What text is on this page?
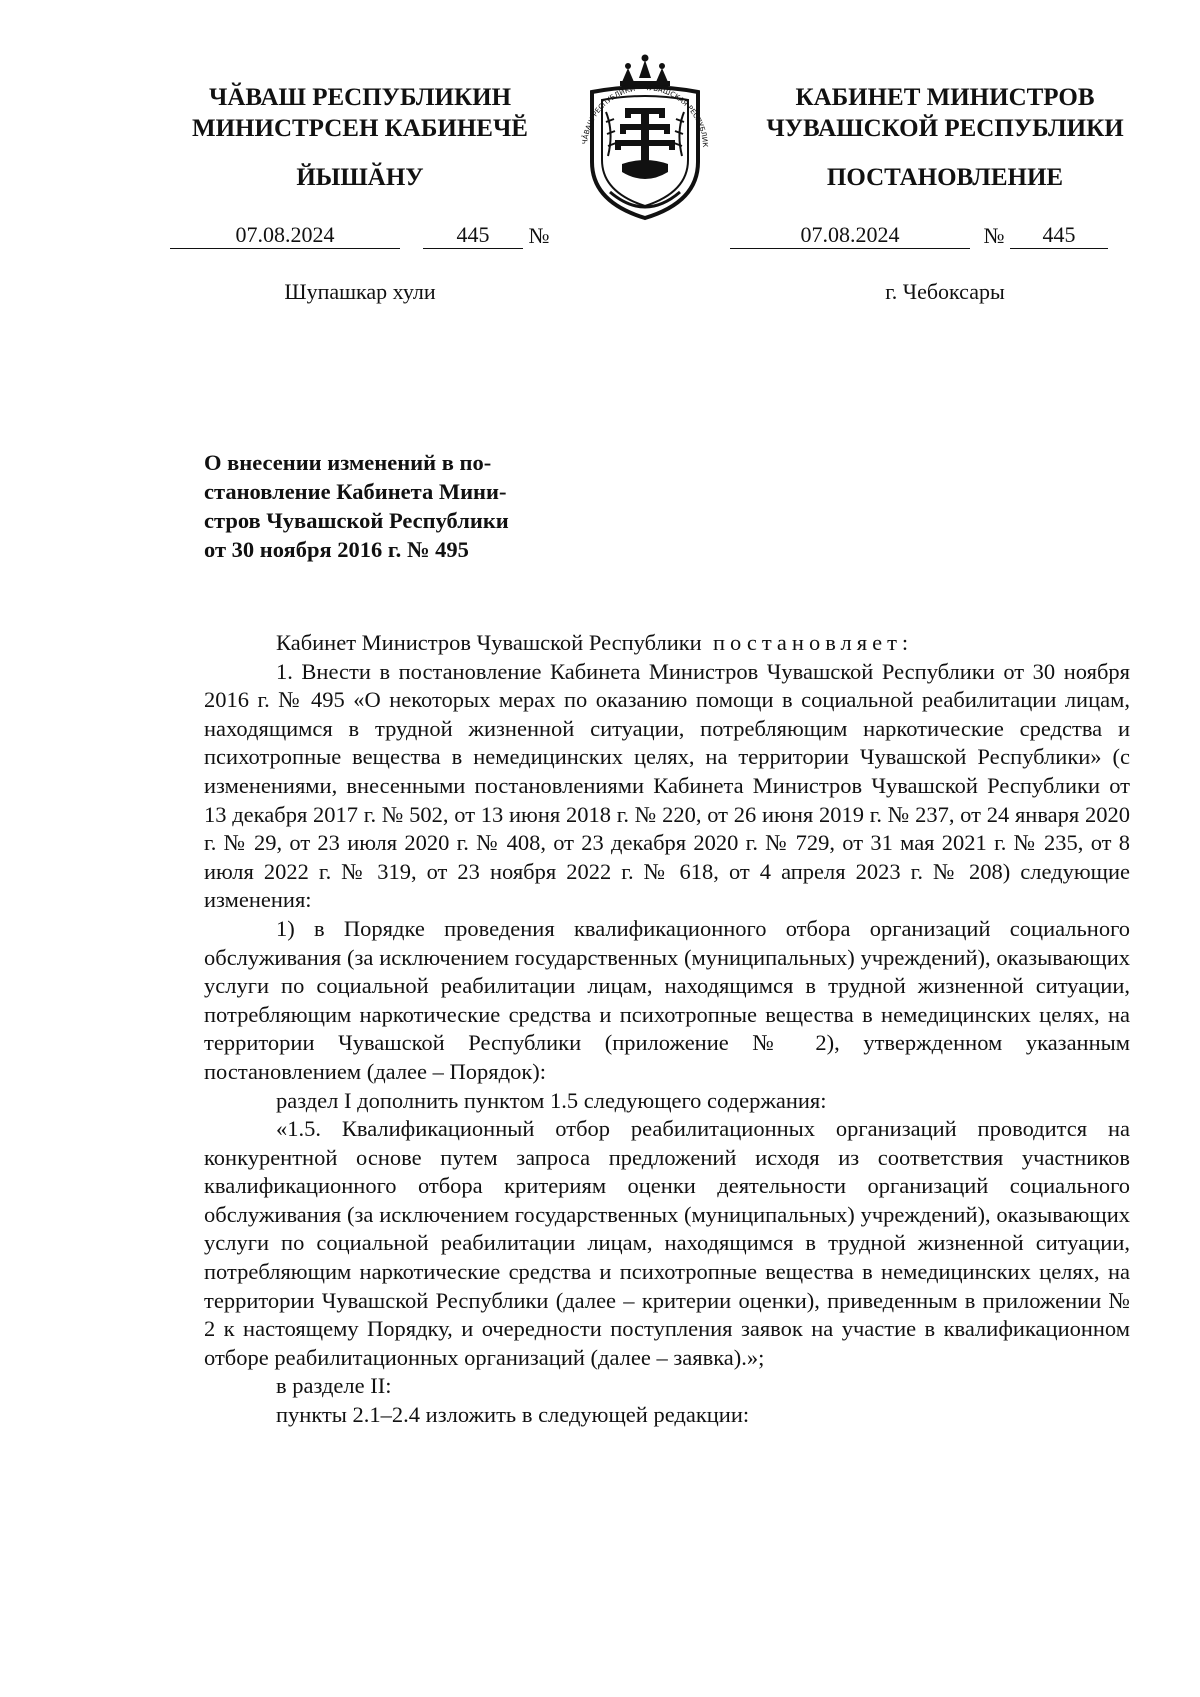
ЧӐВАШ РЕСПУБЛИКИН
МИНИСТРСЕН КАБИНЕЧӖ
ЙЫШӐНУ
КАБИНЕТ МИНИСТРОВ
ЧУВАШСКОЙ РЕСПУБЛИКИ
ПОСТАНОВЛЕНИЕ
ЧӐВАШ РЕСПУБЛИКИ • ЧУВАШСКАЯ РЕСПУБЛИК
07.08.2024	445 №	07.08.2024	№ 445
Шупашкар хули	г. Чебоксары
О внесении изменений в по-
становление Кабинета Мини-
стров Чувашской Республики
от 30 ноября 2016 г. № 495

Кабинет Министров Чувашской Республики постановляет:

1. Внести в постановление Кабинета Министров Чувашской Республики от 30 ноября 2016 г. № 495 «О некоторых мерах по оказанию помощи в социальной реабилитации лицам, находящимся в трудной жизненной ситуации, потребляющим наркотические средства и психотропные вещества в немедицинских целях, на территории Чувашской Республики» (с изменениями, внесенными постановлениями Кабинета Министров Чувашской Республики от 13 декабря 2017 г. № 502, от 13 июня 2018 г. № 220, от 26 июня 2019 г. № 237, от 24 января 2020 г. № 29, от 23 июля 2020 г. № 408, от 23 декабря 2020 г. № 729, от 31 мая 2021 г. № 235, от 8 июля 2022 г. № 319, от 23 ноября 2022 г. № 618, от 4 апреля 2023 г. № 208) следующие изменения:

1) в Порядке проведения квалификационного отбора организаций социального обслуживания (за исключением государственных (муниципальных) учреждений), оказывающих услуги по социальной реабилитации лицам, находящимся в трудной жизненной ситуации, потребляющим наркотические средства и психотропные вещества в немедицинских целях, на территории Чувашской Республики (приложение № 2), утвержденном указанным постановлением (далее – Порядок):

раздел I дополнить пунктом 1.5 следующего содержания:

«1.5. Квалификационный отбор реабилитационных организаций проводится на конкурентной основе путем запроса предложений исходя из соответствия участников квалификационного отбора критериям оценки деятельности организаций социального обслуживания (за исключением государственных (муниципальных) учреждений), оказывающих услуги по социальной реабилитации лицам, находящимся в трудной жизненной ситуации, потребляющим наркотические средства и психотропные вещества в немедицинских целях, на территории Чувашской Республики (далее – критерии оценки), приведенным в приложении № 2 к настоящему Порядку, и очередности поступления заявок на участие в квалификационном отборе реабилитационных организаций (далее – заявка).»;

в разделе II:

пункты 2.1–2.4 изложить в следующей редакции:
